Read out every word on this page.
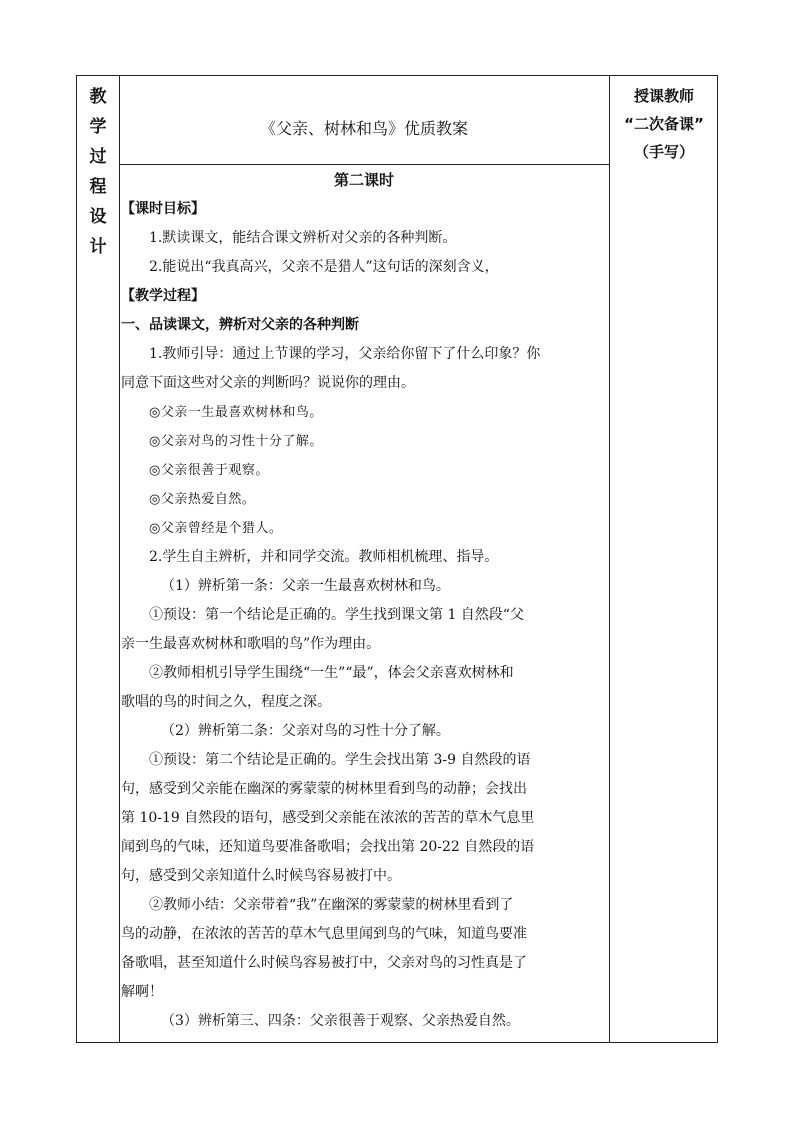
教
学
过
程
设
计
《父亲、树林和鸟》优质教案
授课教师
“二次备课”
（手写）
第二课时
【课时目标】
1.默读课文，能结合课文辨析对父亲的各种判断。
2.能说出“我真高兴，父亲不是猎人”这句话的深刻含义，
【教学过程】
一、品读课文，辨析对父亲的各种判断
1.教师引导：通过上节课的学习，父亲给你留下了什么印象？你
同意下面这些对父亲的判断吗？说说你的理由。
◎父亲一生最喜欢树林和鸟。
◎父亲对鸟的习性十分了解。
◎父亲很善于观察。
◎父亲热爱自然。
◎父亲曾经是个猎人。
2.学生自主辨析，并和同学交流。教师相机梳理、指导。
（1）辨析第一条：父亲一生最喜欢树林和鸟。
①预设：第一个结论是正确的。学生找到课文第 1 自然段“父
亲一生最喜欢树林和歌唱的鸟”作为理由。
②教师相机引导学生围绕“一生”“最”，体会父亲喜欢树林和
歌唱的鸟的时间之久，程度之深。
（2）辨析第二条：父亲对鸟的习性十分了解。
①预设：第二个结论是正确的。学生会找出第 3-9 自然段的语
句，感受到父亲能在幽深的雾蒙蒙的树林里看到鸟的动静；会找出
第 10-19 自然段的语句，感受到父亲能在浓浓的苦苦的草木气息里
闻到鸟的气味，还知道鸟要准备歌唱；会找出第 20-22 自然段的语
句，感受到父亲知道什么时候鸟容易被打中。
②教师小结：父亲带着“我”在幽深的雾蒙蒙的树林里看到了
鸟的动静，在浓浓的苦苦的草木气息里闻到鸟的气味，知道鸟要准
备歌唱，甚至知道什么时候鸟容易被打中，父亲对鸟的习性真是了
解啊！
（3）辨析第三、四条：父亲很善于观察、父亲热爱自然。
